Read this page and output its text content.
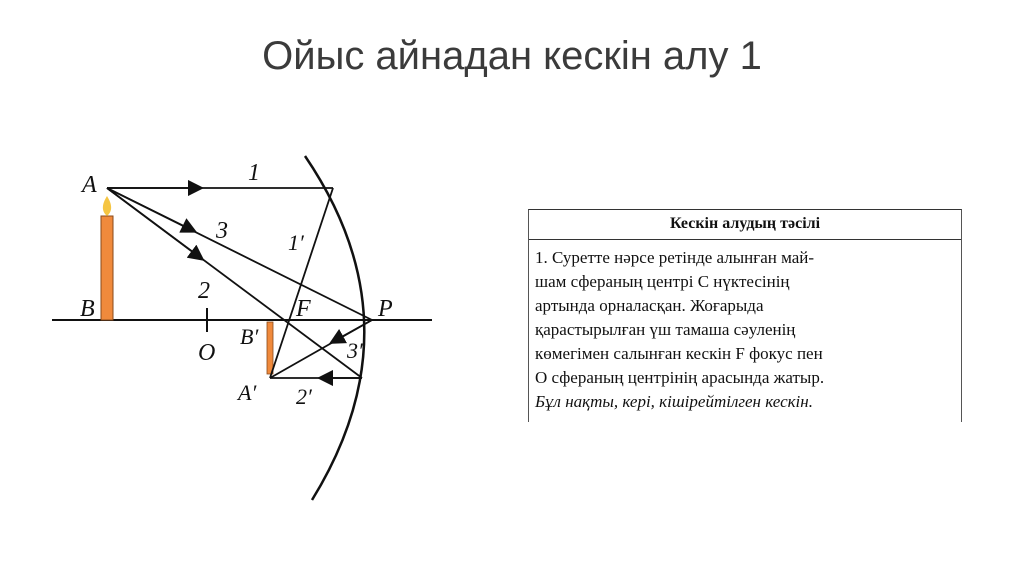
Ойыс айнадан кескін алу 1
A
B
O
F	P
B′
A′
1
3
2
1′
3′
2′
Кескін алудың тәсілі
1. Суретте нәрсе ретінде алынған май-
шам сфераның центрі C нүктесінің
артында орналасқан. Жоғарыда
қарастырылған үш тамаша сәуленің
көмегімен салынған кескін F фокус пен
O сфераның центрінің арасында жатыр.
Бұл нақты, кері, кішірейтілген кескін.
